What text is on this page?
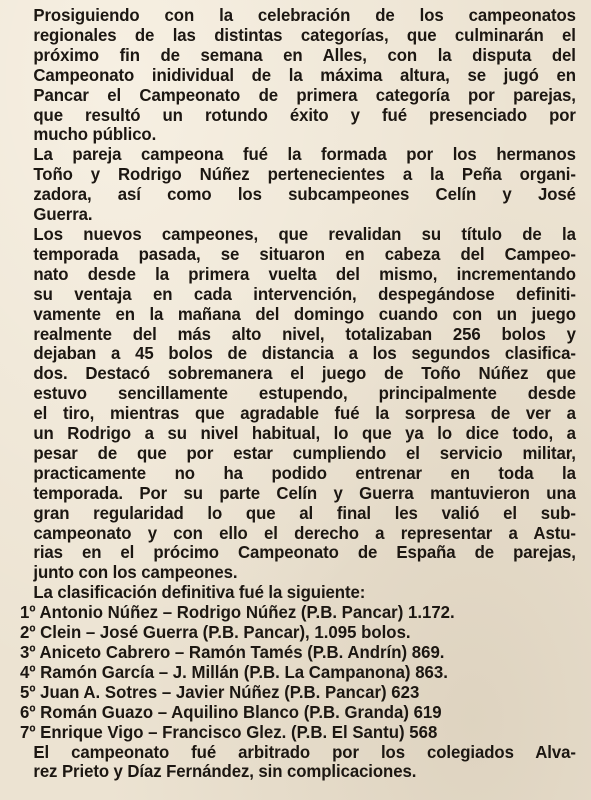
Prosiguiendo con la celebración de los campeonatos
regionales de las distintas categorías, que culminarán el
próximo fin de semana en Alles, con la disputa del
Campeonato inidividual de la máxima altura, se jugó en
Pancar el Campeonato de primera categoría por parejas,
que resultó un rotundo éxito y fué presenciado por
mucho público.

La pareja campeona fué la formada por los hermanos
Toño y Rodrigo Núñez pertenecientes a la Peña organi-
zadora, así como los subcampeones Celín y José
Guerra.

Los nuevos campeones, que revalidan su título de la
temporada pasada, se situaron en cabeza del Campeo-
nato desde la primera vuelta del mismo, incrementando
su ventaja en cada intervención, despegándose definiti-
vamente en la mañana del domingo cuando con un juego
realmente del más alto nivel, totalizaban 256 bolos y
dejaban a 45 bolos de distancia a los segundos clasifica-
dos. Destacó sobremanera el juego de Toño Núñez que
estuvo sencillamente estupendo, principalmente desde
el tiro, mientras que agradable fué la sorpresa de ver a
un Rodrigo a su nivel habitual, lo que ya lo dice todo, a
pesar de que por estar cumpliendo el servicio militar,
practicamente no ha podido entrenar en toda la
temporada. Por su parte Celín y Guerra mantuvieron una
gran regularidad lo que al final les valió el sub-
campeonato y con ello el derecho a representar a Astu-
rias en el prócimo Campeonato de España de parejas,
junto con los campeones.

La clasificación definitiva fué la siguiente:

1º Antonio Núñez – Rodrigo Núñez (P.B. Pancar) 1.172.
2º Clein – José Guerra (P.B. Pancar), 1.095 bolos.
3º Aniceto Cabrero – Ramón Tamés (P.B. Andrín) 869.
4º Ramón García – J. Millán (P.B. La Campanona) 863.
5º Juan A. Sotres – Javier Núñez (P.B. Pancar) 623
6º Román Guazo – Aquilino Blanco (P.B. Granda) 619
7º Enrique Vigo – Francisco Glez. (P.B. El Santu) 568

El campeonato fué arbitrado por los colegiados Alva-
rez Prieto y Díaz Fernández, sin complicaciones.
